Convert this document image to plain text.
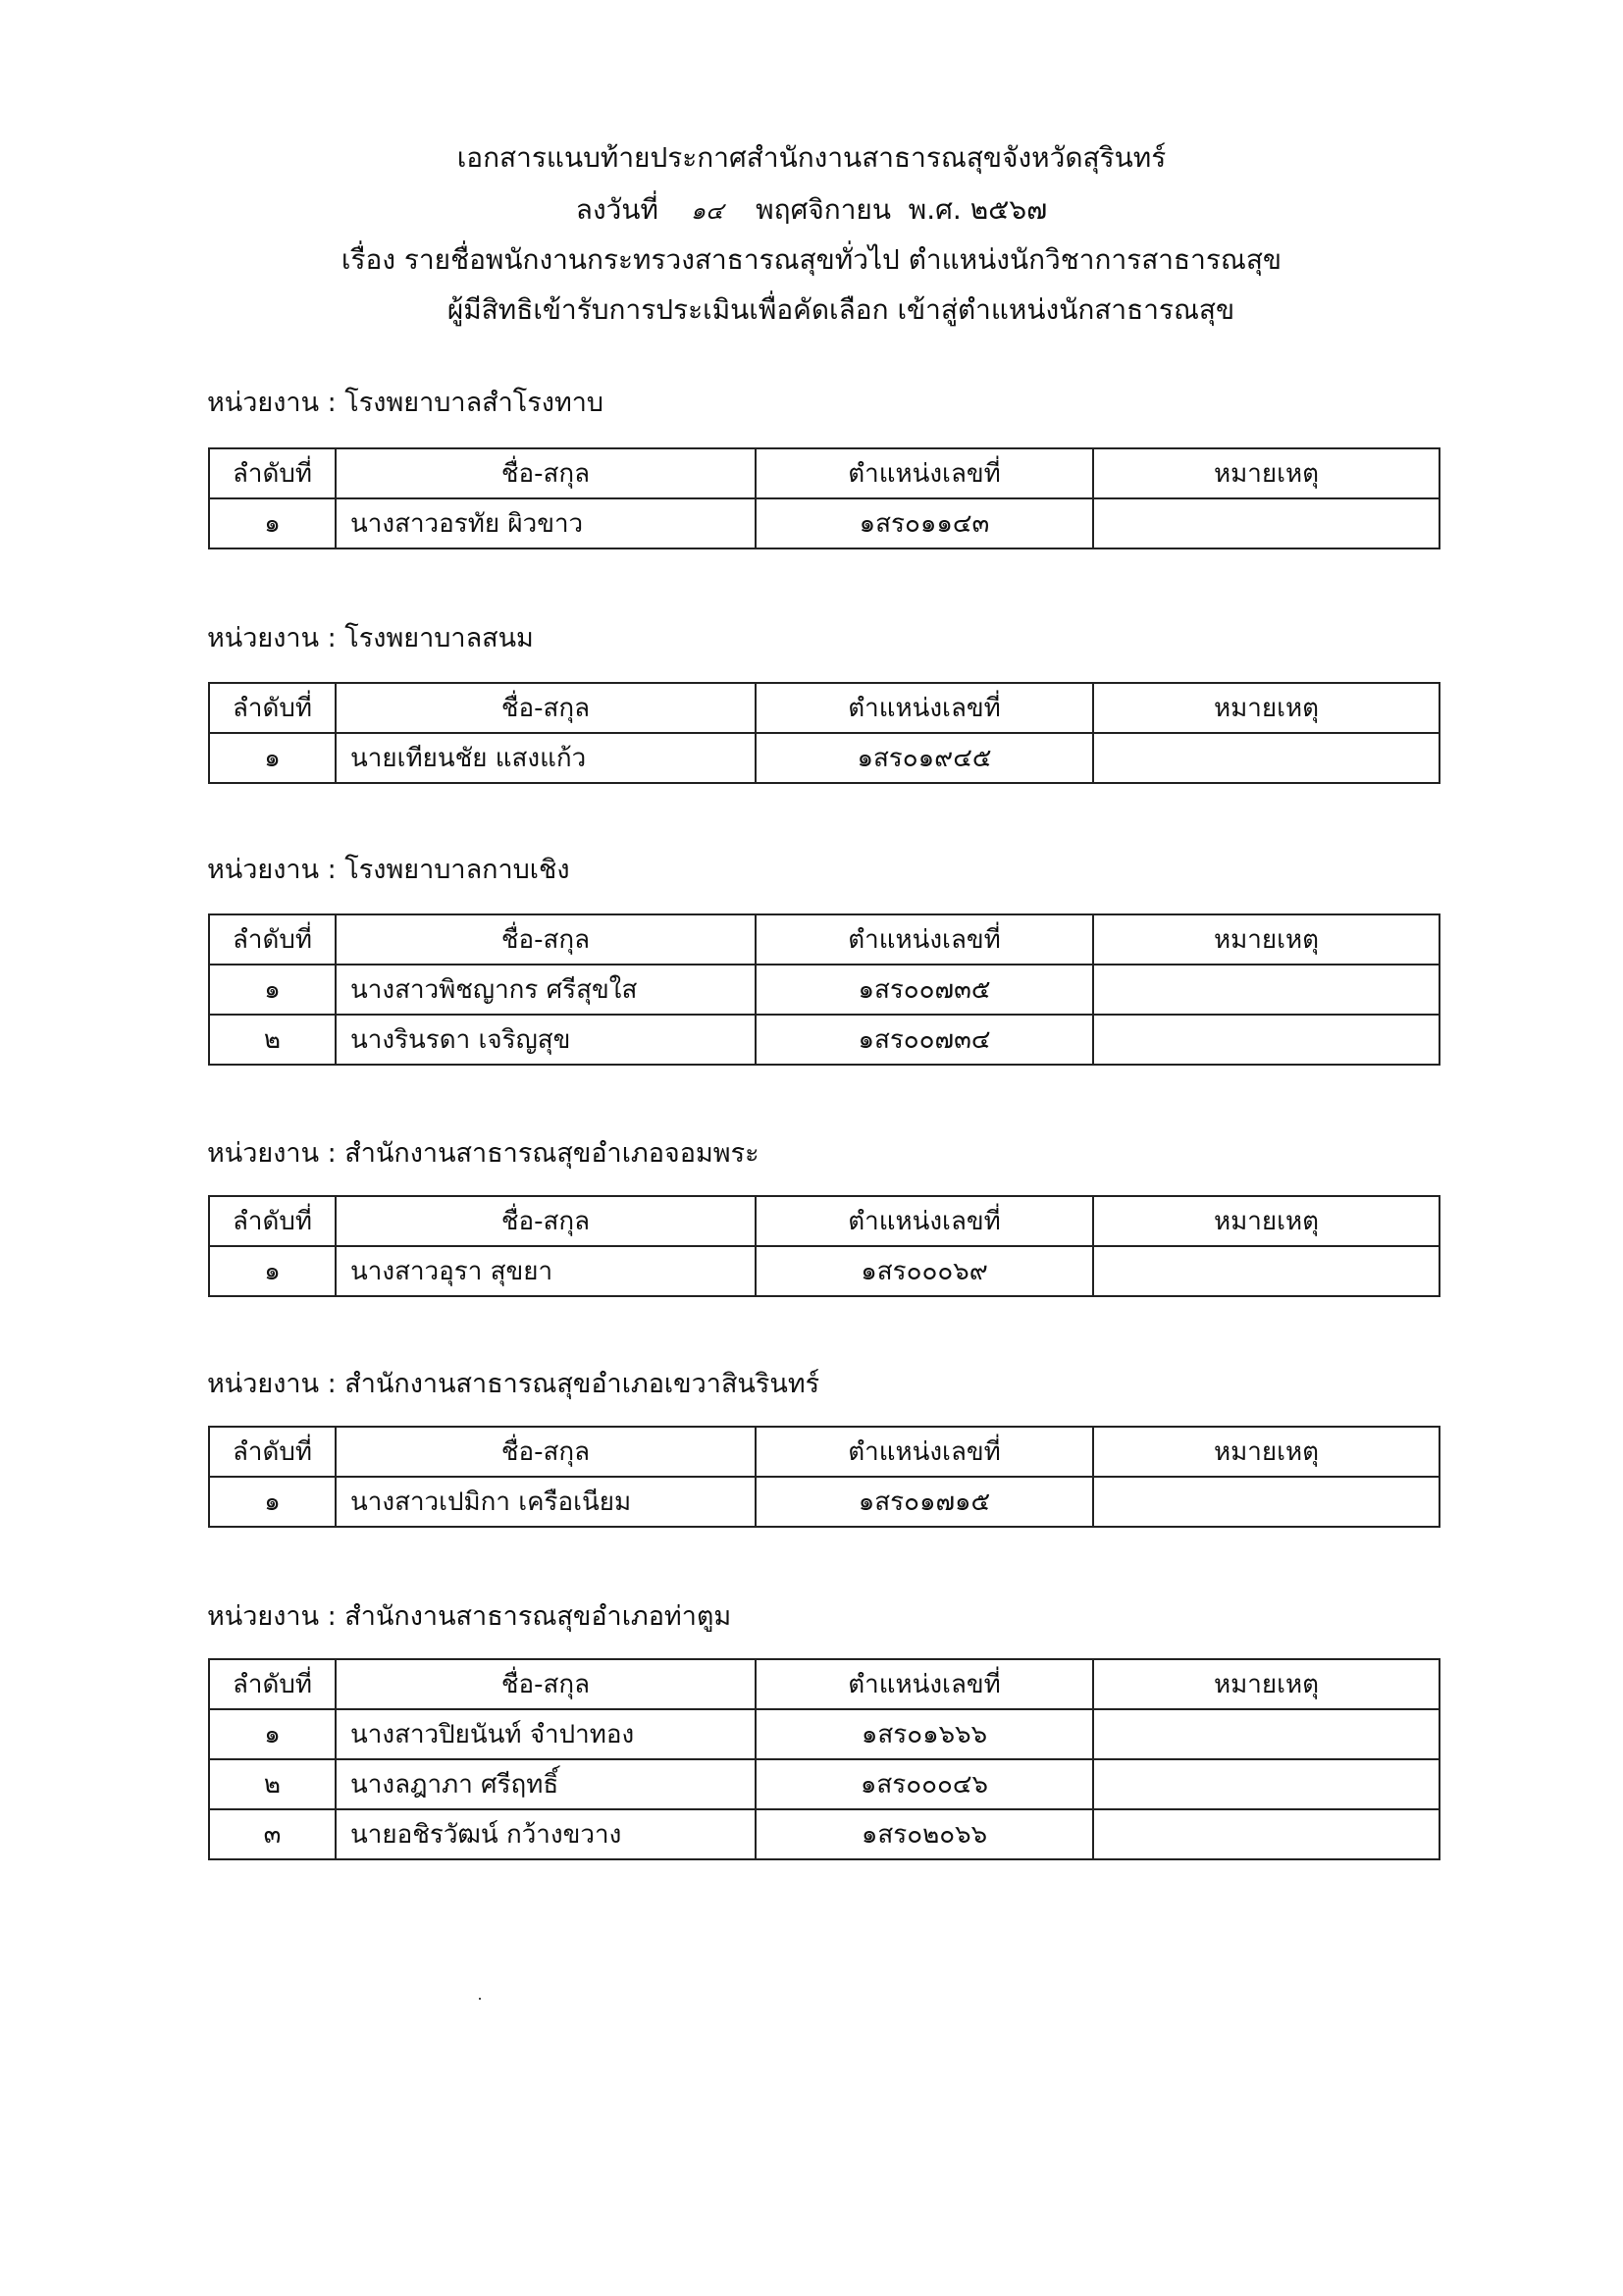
เอกสารแนบท้ายประกาศสำนักงานสาธารณสุขจังหวัดสุรินทร์
ลงวันที่ ๑๔ พฤศจิกายน พ.ศ. ๒๕๖๗
เรื่อง รายชื่อพนักงานกระทรวงสาธารณสุขทั่วไป ตำแหน่งนักวิชาการสาธารณสุข
ผู้มีสิทธิเข้ารับการประเมินเพื่อคัดเลือก เข้าสู่ตำแหน่งนักสาธารณสุข
หน่วยงาน : โรงพยาบาลสำโรงทาบ
ลำดับที่	ชื่อ-สกุล	ตำแหน่งเลขที่	หมายเหตุ
๑	นางสาวอรทัย ผิวขาว	๑สร๐๑๑๔๓	
หน่วยงาน : โรงพยาบาลสนม
ลำดับที่	ชื่อ-สกุล	ตำแหน่งเลขที่	หมายเหตุ
๑	นายเทียนชัย แสงแก้ว	๑สร๐๑๙๔๕	
หน่วยงาน : โรงพยาบาลกาบเชิง
ลำดับที่	ชื่อ-สกุล	ตำแหน่งเลขที่	หมายเหตุ
๑	นางสาวพิชญากร ศรีสุขใส	๑สร๐๐๗๓๕	
๒	นางรินรดา เจริญสุข	๑สร๐๐๗๓๔	
หน่วยงาน : สำนักงานสาธารณสุขอำเภอจอมพระ
ลำดับที่	ชื่อ-สกุล	ตำแหน่งเลขที่	หมายเหตุ
๑	นางสาวอุรา สุขยา	๑สร๐๐๐๖๙	
หน่วยงาน : สำนักงานสาธารณสุขอำเภอเขวาสินรินทร์
ลำดับที่	ชื่อ-สกุล	ตำแหน่งเลขที่	หมายเหตุ
๑	นางสาวเปมิกา เครือเนียม	๑สร๐๑๗๑๕	
หน่วยงาน : สำนักงานสาธารณสุขอำเภอท่าตูม
ลำดับที่	ชื่อ-สกุล	ตำแหน่งเลขที่	หมายเหตุ
๑	นางสาวปิยนันท์ จำปาทอง	๑สร๐๑๖๖๖	
๒	นางลฎาภา ศรีฤทธิ์	๑สร๐๐๐๔๖	
๓	นายอชิรวัฒน์ กว้างขวาง	๑สร๐๒๐๖๖	
